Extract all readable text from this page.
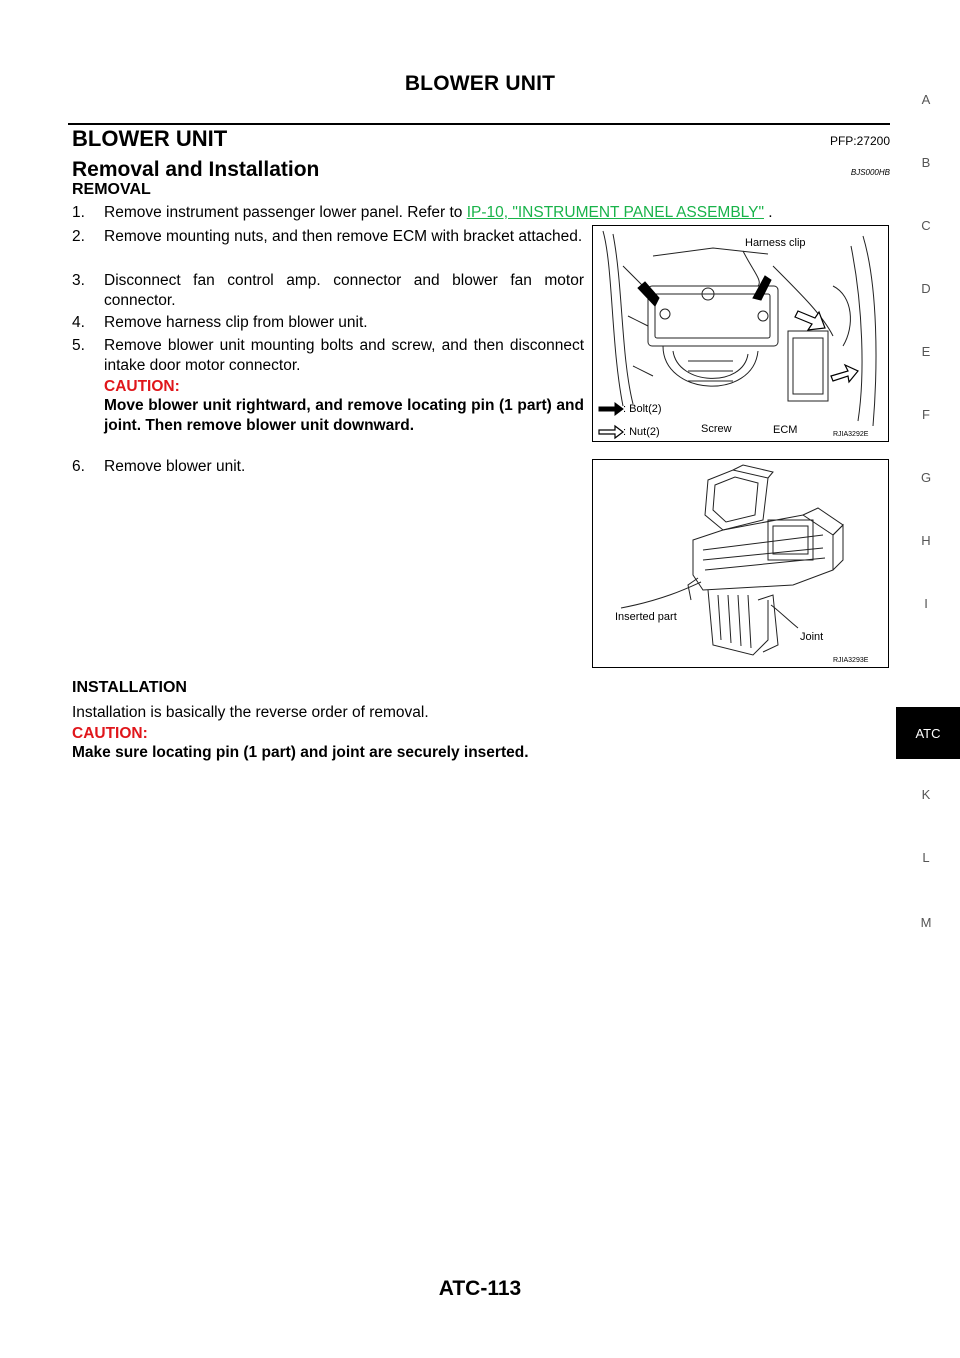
BLOWER UNIT
BLOWER UNIT	PFP:27200
Removal and Installation	BJS000HB
REMOVAL
1. Remove instrument passenger lower panel. Refer to IP-10, "INSTRUMENT PANEL ASSEMBLY" .
2. Remove mounting nuts, and then remove ECM with bracket attached.
3. Disconnect fan control amp. connector and blower fan motor connector.
4. Remove harness clip from blower unit.
5. Remove blower unit mounting bolts and screw, and then disconnect intake door motor connector.
CAUTION:
Move blower unit rightward, and remove locating pin (1 part) and joint. Then remove blower unit downward.
6. Remove blower unit.
Harness clip
: Bolt(2)
: Nut(2)	Screw	ECM	RJIA3292E
Inserted part
Joint
RJIA3293E
INSTALLATION
Installation is basically the reverse order of removal.
CAUTION:
Make sure locating pin (1 part) and joint are securely inserted.
A
B
C
D
E
F
G
H
I
ATC
K
L
M
ATC-113
